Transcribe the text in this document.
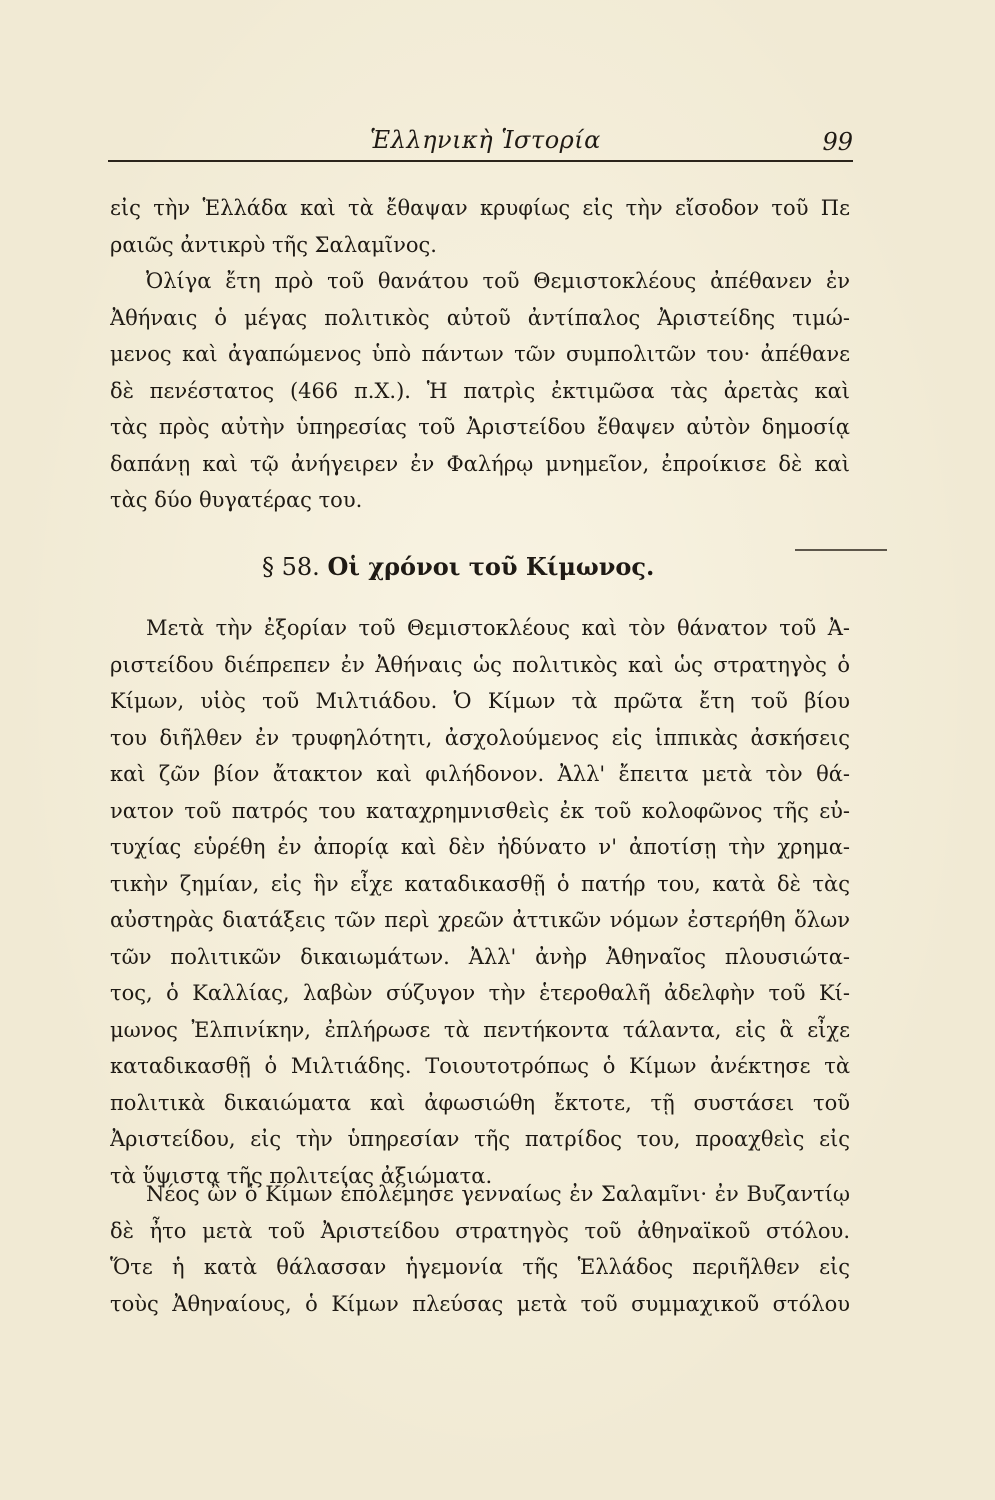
Ἑλληνικὴ Ἱστορία	99
εἰς τὴν Ἑλλάδα καὶ τὰ ἔθαψαν κρυφίως εἰς τὴν εἴσοδον τοῦ Πε
ραιῶς ἀντικρὺ τῆς Σαλαμῖνος.
Ὀλίγα ἔτη πρὸ τοῦ θανάτου τοῦ Θεμιστοκλέους ἀπέθανεν ἐν
Ἀθήναις ὁ μέγας πολιτικὸς αὐτοῦ ἀντίπαλος Ἀριστείδης τιμώ-
μενος καὶ ἀγαπώμενος ὑπὸ πάντων τῶν συμπολιτῶν του· ἀπέθανε
δὲ πενέστατος (466 π.Χ.). Ἡ πατρὶς ἐκτιμῶσα τὰς ἀρετὰς καὶ
τὰς πρὸς αὐτὴν ὑπηρεσίας τοῦ Ἀριστείδου ἔθαψεν αὐτὸν δημοσίᾳ
δαπάνῃ καὶ τῷ ἀνήγειρεν ἐν Φαλήρῳ μνημεῖον, ἐπροίκισε δὲ καὶ
τὰς δύο θυγατέρας του.
§ 58. Οἱ χρόνοι τοῦ Κίμωνος.
Μετὰ τὴν ἐξορίαν τοῦ Θεμιστοκλέους καὶ τὸν θάνατον τοῦ Ἀ-
ριστείδου διέπρεπεν ἐν Ἀθήναις ὡς πολιτικὸς καὶ ὡς στρατηγὸς ὁ
Κίμων, υἱὸς τοῦ Μιλτιάδου. Ὁ Κίμων τὰ πρῶτα ἔτη τοῦ βίου
του διῆλθεν ἐν τρυφηλότητι, ἀσχολούμενος εἰς ἱππικὰς ἀσκήσεις
καὶ ζῶν βίον ἄτακτον καὶ φιλήδονον. Ἀλλ' ἔπειτα μετὰ τὸν θά-
νατον τοῦ πατρός του καταχρημνισθεὶς ἐκ τοῦ κολοφῶνος τῆς εὐ-
τυχίας εὑρέθη ἐν ἀπορίᾳ καὶ δὲν ἠδύνατο ν' ἀποτίσῃ τὴν χρημα-
τικὴν ζημίαν, εἰς ἣν εἶχε καταδικασθῇ ὁ πατήρ του, κατὰ δὲ τὰς
αὐστηρὰς διατάξεις τῶν περὶ χρεῶν ἀττικῶν νόμων ἐστερήθη ὅλων
τῶν πολιτικῶν δικαιωμάτων. Ἀλλ' ἀνὴρ Ἀθηναῖος πλουσιώτα-
τος, ὁ Καλλίας, λαβὼν σύζυγον τὴν ἑτεροθαλῆ ἀδελφὴν τοῦ Κί-
μωνος Ἐλπινίκην, ἐπλήρωσε τὰ πεντήκοντα τάλαντα, εἰς ἃ εἶχε
καταδικασθῇ ὁ Μιλτιάδης. Τοιουτοτρόπως ὁ Κίμων ἀνέκτησε τὰ
πολιτικὰ δικαιώματα καὶ ἀφωσιώθη ἔκτοτε, τῇ συστάσει τοῦ
Ἀριστείδου, εἰς τὴν ὑπηρεσίαν τῆς πατρίδος του, προαχθεὶς εἰς
τὰ ὕψιστα τῆς πολιτείας ἀξιώματα.
Νέος ὢν ὁ Κίμων ἐπολέμησε γενναίως ἐν Σαλαμῖνι· ἐν Βυζαντίῳ
δὲ ἦτο μετὰ τοῦ Ἀριστείδου στρατηγὸς τοῦ ἀθηναϊκοῦ στόλου.
Ὅτε ἡ κατὰ θάλασσαν ἡγεμονία τῆς Ἑλλάδος περιῆλθεν εἰς
τοὺς Ἀθηναίους, ὁ Κίμων πλεύσας μετὰ τοῦ συμμαχικοῦ στόλου
